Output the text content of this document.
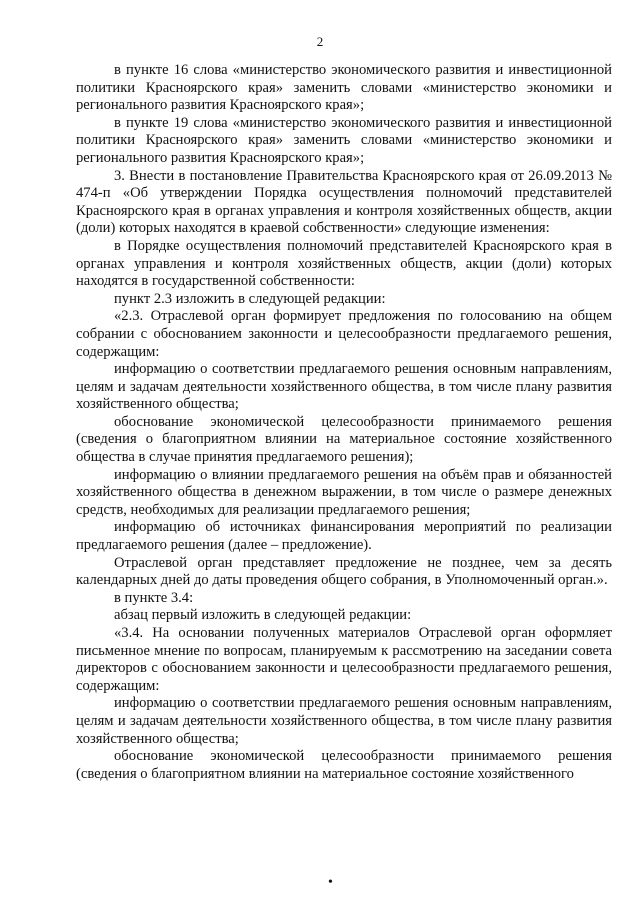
2

в пункте 16 слова «министерство экономического развития и инвестиционной политики Красноярского края» заменить словами «министерство экономики и регионального развития Красноярского края»;

в пункте 19 слова «министерство экономического развития и инвестиционной политики Красноярского края» заменить словами «министерство экономики и регионального развития Красноярского края»;

3. Внести в постановление Правительства Красноярского края от 26.09.2013 № 474-п «Об утверждении Порядка осуществления полномочий представителей Красноярского края в органах управления и контроля хозяйственных обществ, акции (доли) которых находятся в краевой собственности» следующие изменения:

в Порядке осуществления полномочий представителей Красноярского края в органах управления и контроля хозяйственных обществ, акции (доли) которых находятся в государственной собственности:

пункт 2.3 изложить в следующей редакции:

«2.3. Отраслевой орган формирует предложения по голосованию на общем собрании с обоснованием законности и целесообразности предлагаемого решения, содержащим:

информацию о соответствии предлагаемого решения основным направлениям, целям и задачам деятельности хозяйственного общества, в том числе плану развития хозяйственного общества;

обоснование экономической целесообразности принимаемого решения (сведения о благоприятном влиянии на материальное состояние хозяйственного общества в случае принятия предлагаемого решения);

информацию о влиянии предлагаемого решения на объём прав и обязанностей хозяйственного общества в денежном выражении, в том числе о размере денежных средств, необходимых для реализации предлагаемого решения;

информацию об источниках финансирования мероприятий по реализации предлагаемого решения (далее – предложение).

Отраслевой орган представляет предложение не позднее, чем за десять календарных дней до даты проведения общего собрания, в Уполномоченный орган.».

в пункте 3.4:

абзац первый изложить в следующей редакции:

«3.4. На основании полученных материалов Отраслевой орган оформляет письменное мнение по вопросам, планируемым к рассмотрению на заседании совета директоров с обоснованием законности и целесообразности предлагаемого решения, содержащим:

информацию о соответствии предлагаемого решения основным направлениям, целям и задачам деятельности хозяйственного общества, в том числе плану развития хозяйственного общества;

обоснование экономической целесообразности принимаемого решения (сведения о благоприятном влиянии на материальное состояние хозяйственного

•
